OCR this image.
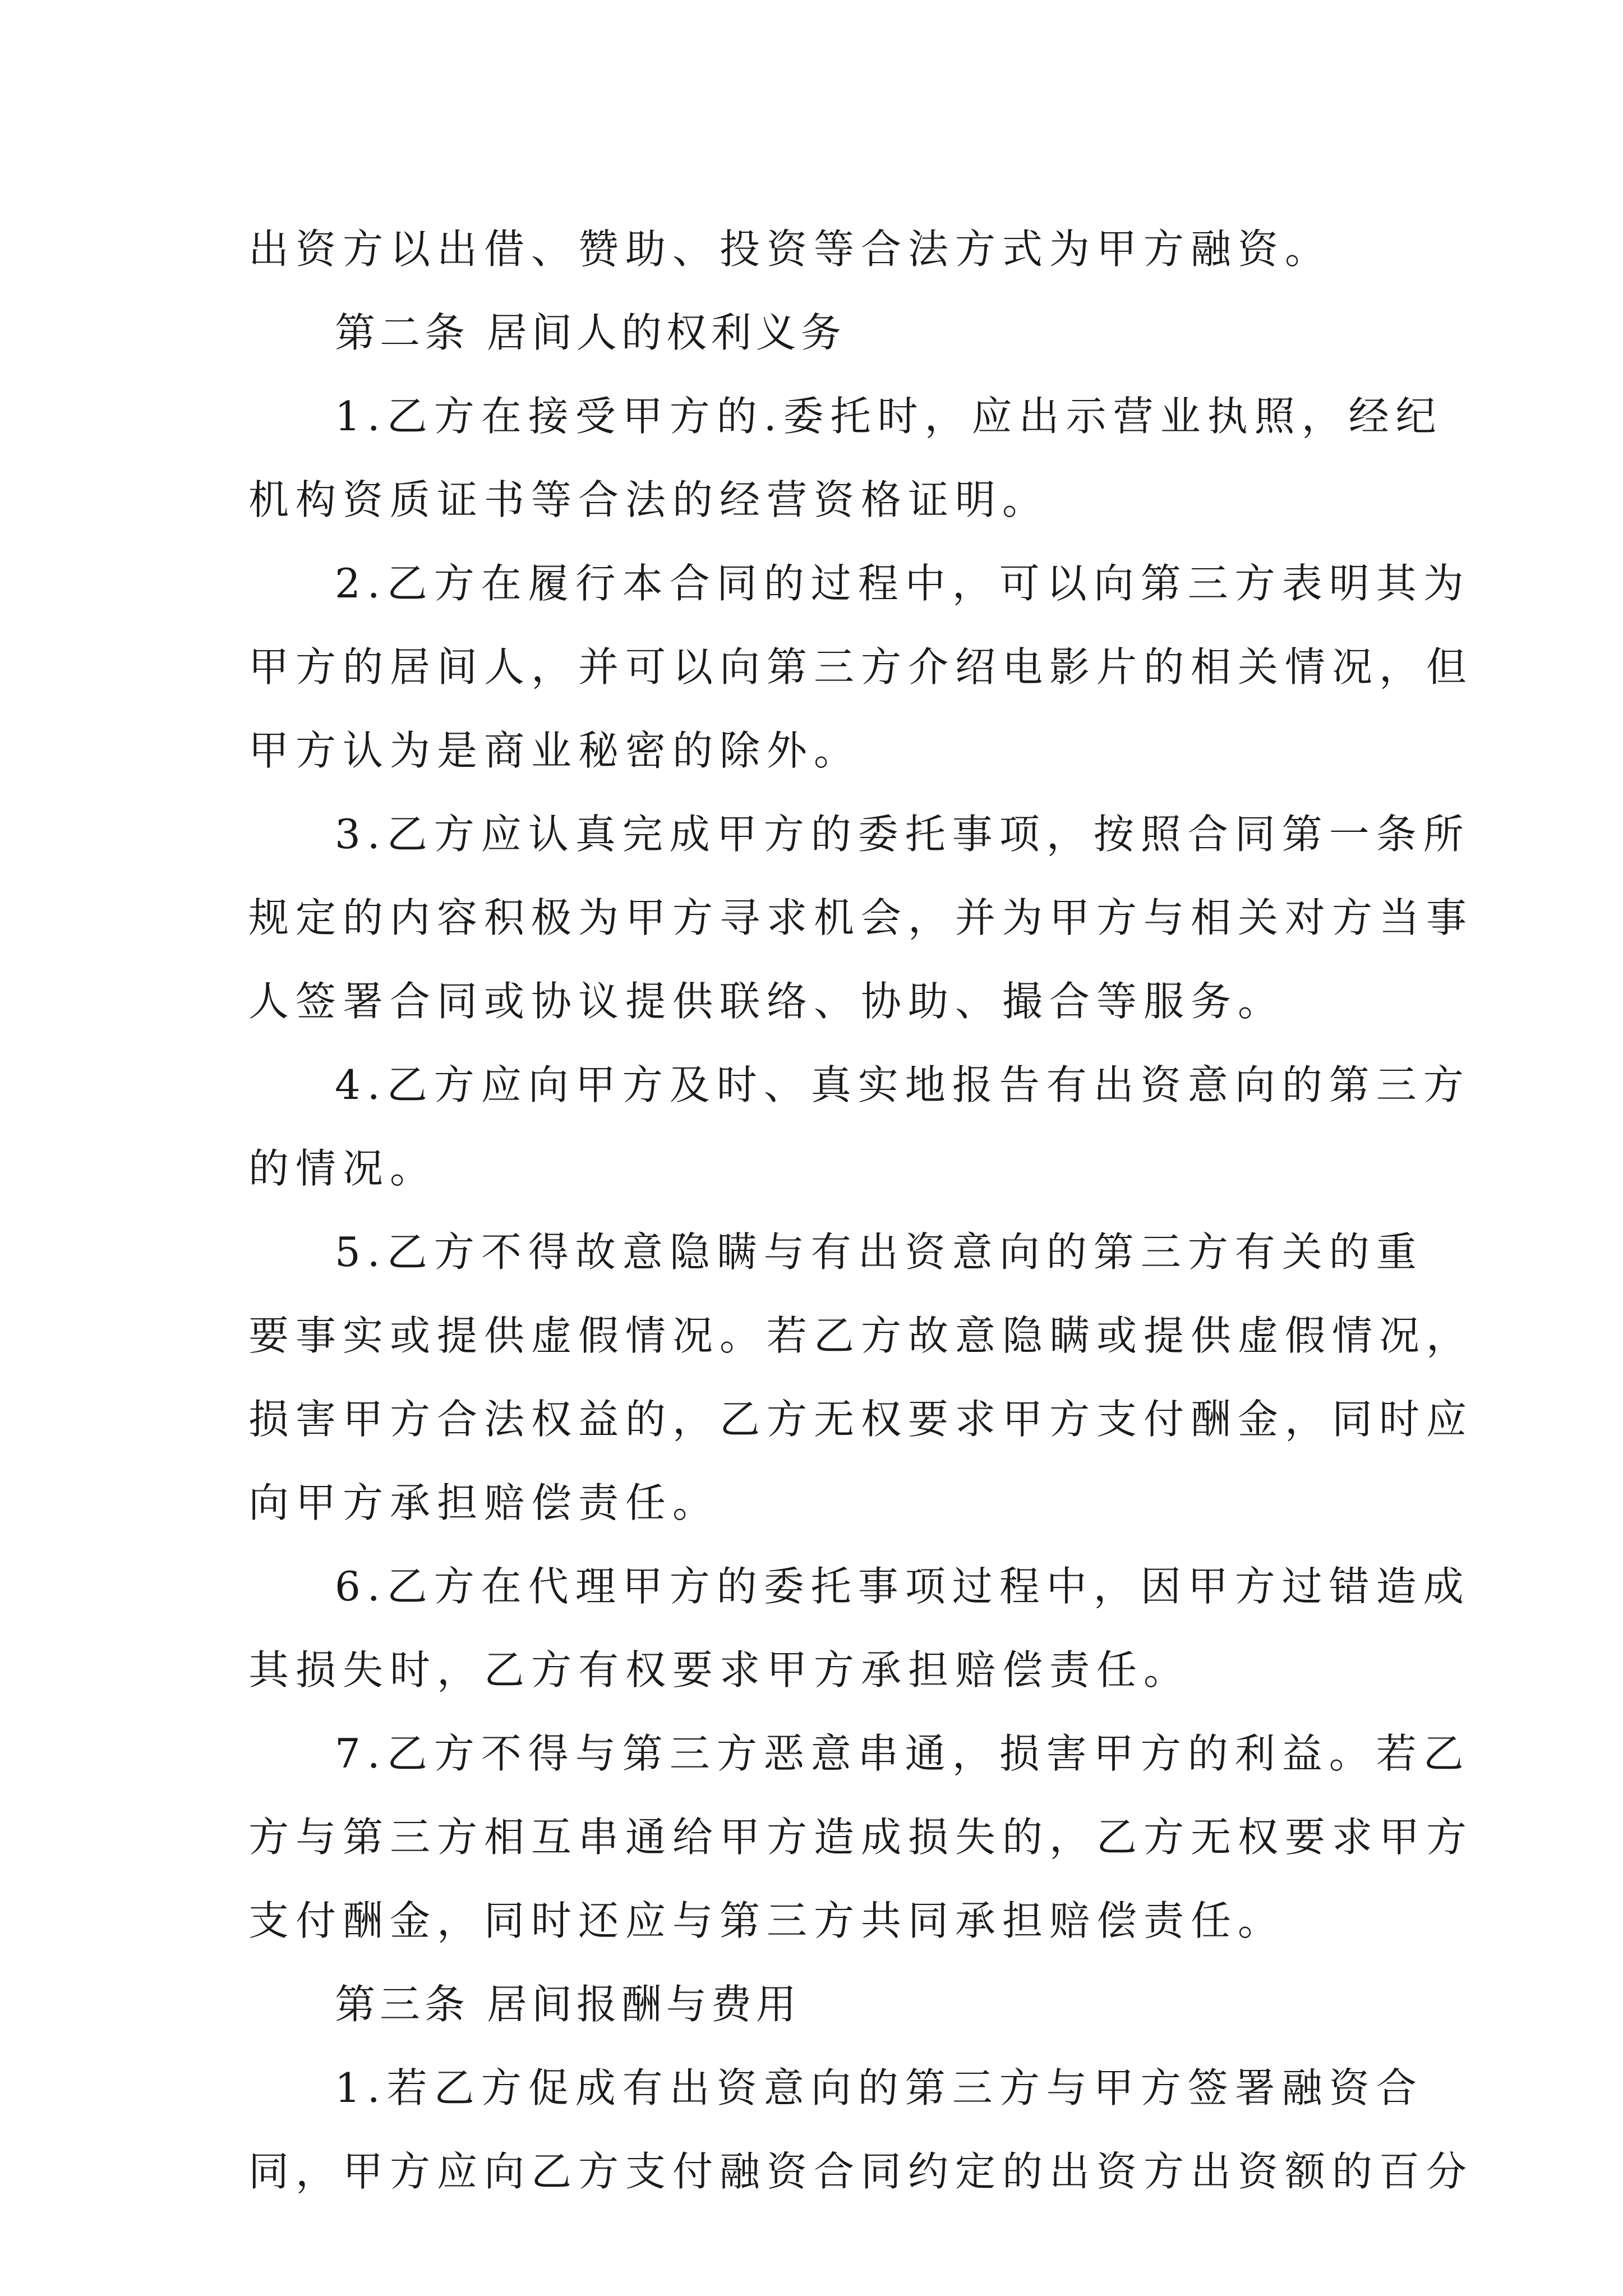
出资方以出借、赞助、投资等合法方式为甲方融资。
第二条 居间人的权利义务
1.乙方在接受甲方的.委托时，应出示营业执照，经纪
机构资质证书等合法的经营资格证明。
2.乙方在履行本合同的过程中，可以向第三方表明其为
甲方的居间人，并可以向第三方介绍电影片的相关情况，但
甲方认为是商业秘密的除外。
3.乙方应认真完成甲方的委托事项，按照合同第一条所
规定的内容积极为甲方寻求机会，并为甲方与相关对方当事
人签署合同或协议提供联络、协助、撮合等服务。
4.乙方应向甲方及时、真实地报告有出资意向的第三方
的情况。
5.乙方不得故意隐瞒与有出资意向的第三方有关的重
要事实或提供虚假情况。若乙方故意隐瞒或提供虚假情况，
损害甲方合法权益的，乙方无权要求甲方支付酬金，同时应
向甲方承担赔偿责任。
6.乙方在代理甲方的委托事项过程中，因甲方过错造成
其损失时，乙方有权要求甲方承担赔偿责任。
7.乙方不得与第三方恶意串通，损害甲方的利益。若乙
方与第三方相互串通给甲方造成损失的，乙方无权要求甲方
支付酬金，同时还应与第三方共同承担赔偿责任。
第三条 居间报酬与费用
1.若乙方促成有出资意向的第三方与甲方签署融资合
同，甲方应向乙方支付融资合同约定的出资方出资额的百分
